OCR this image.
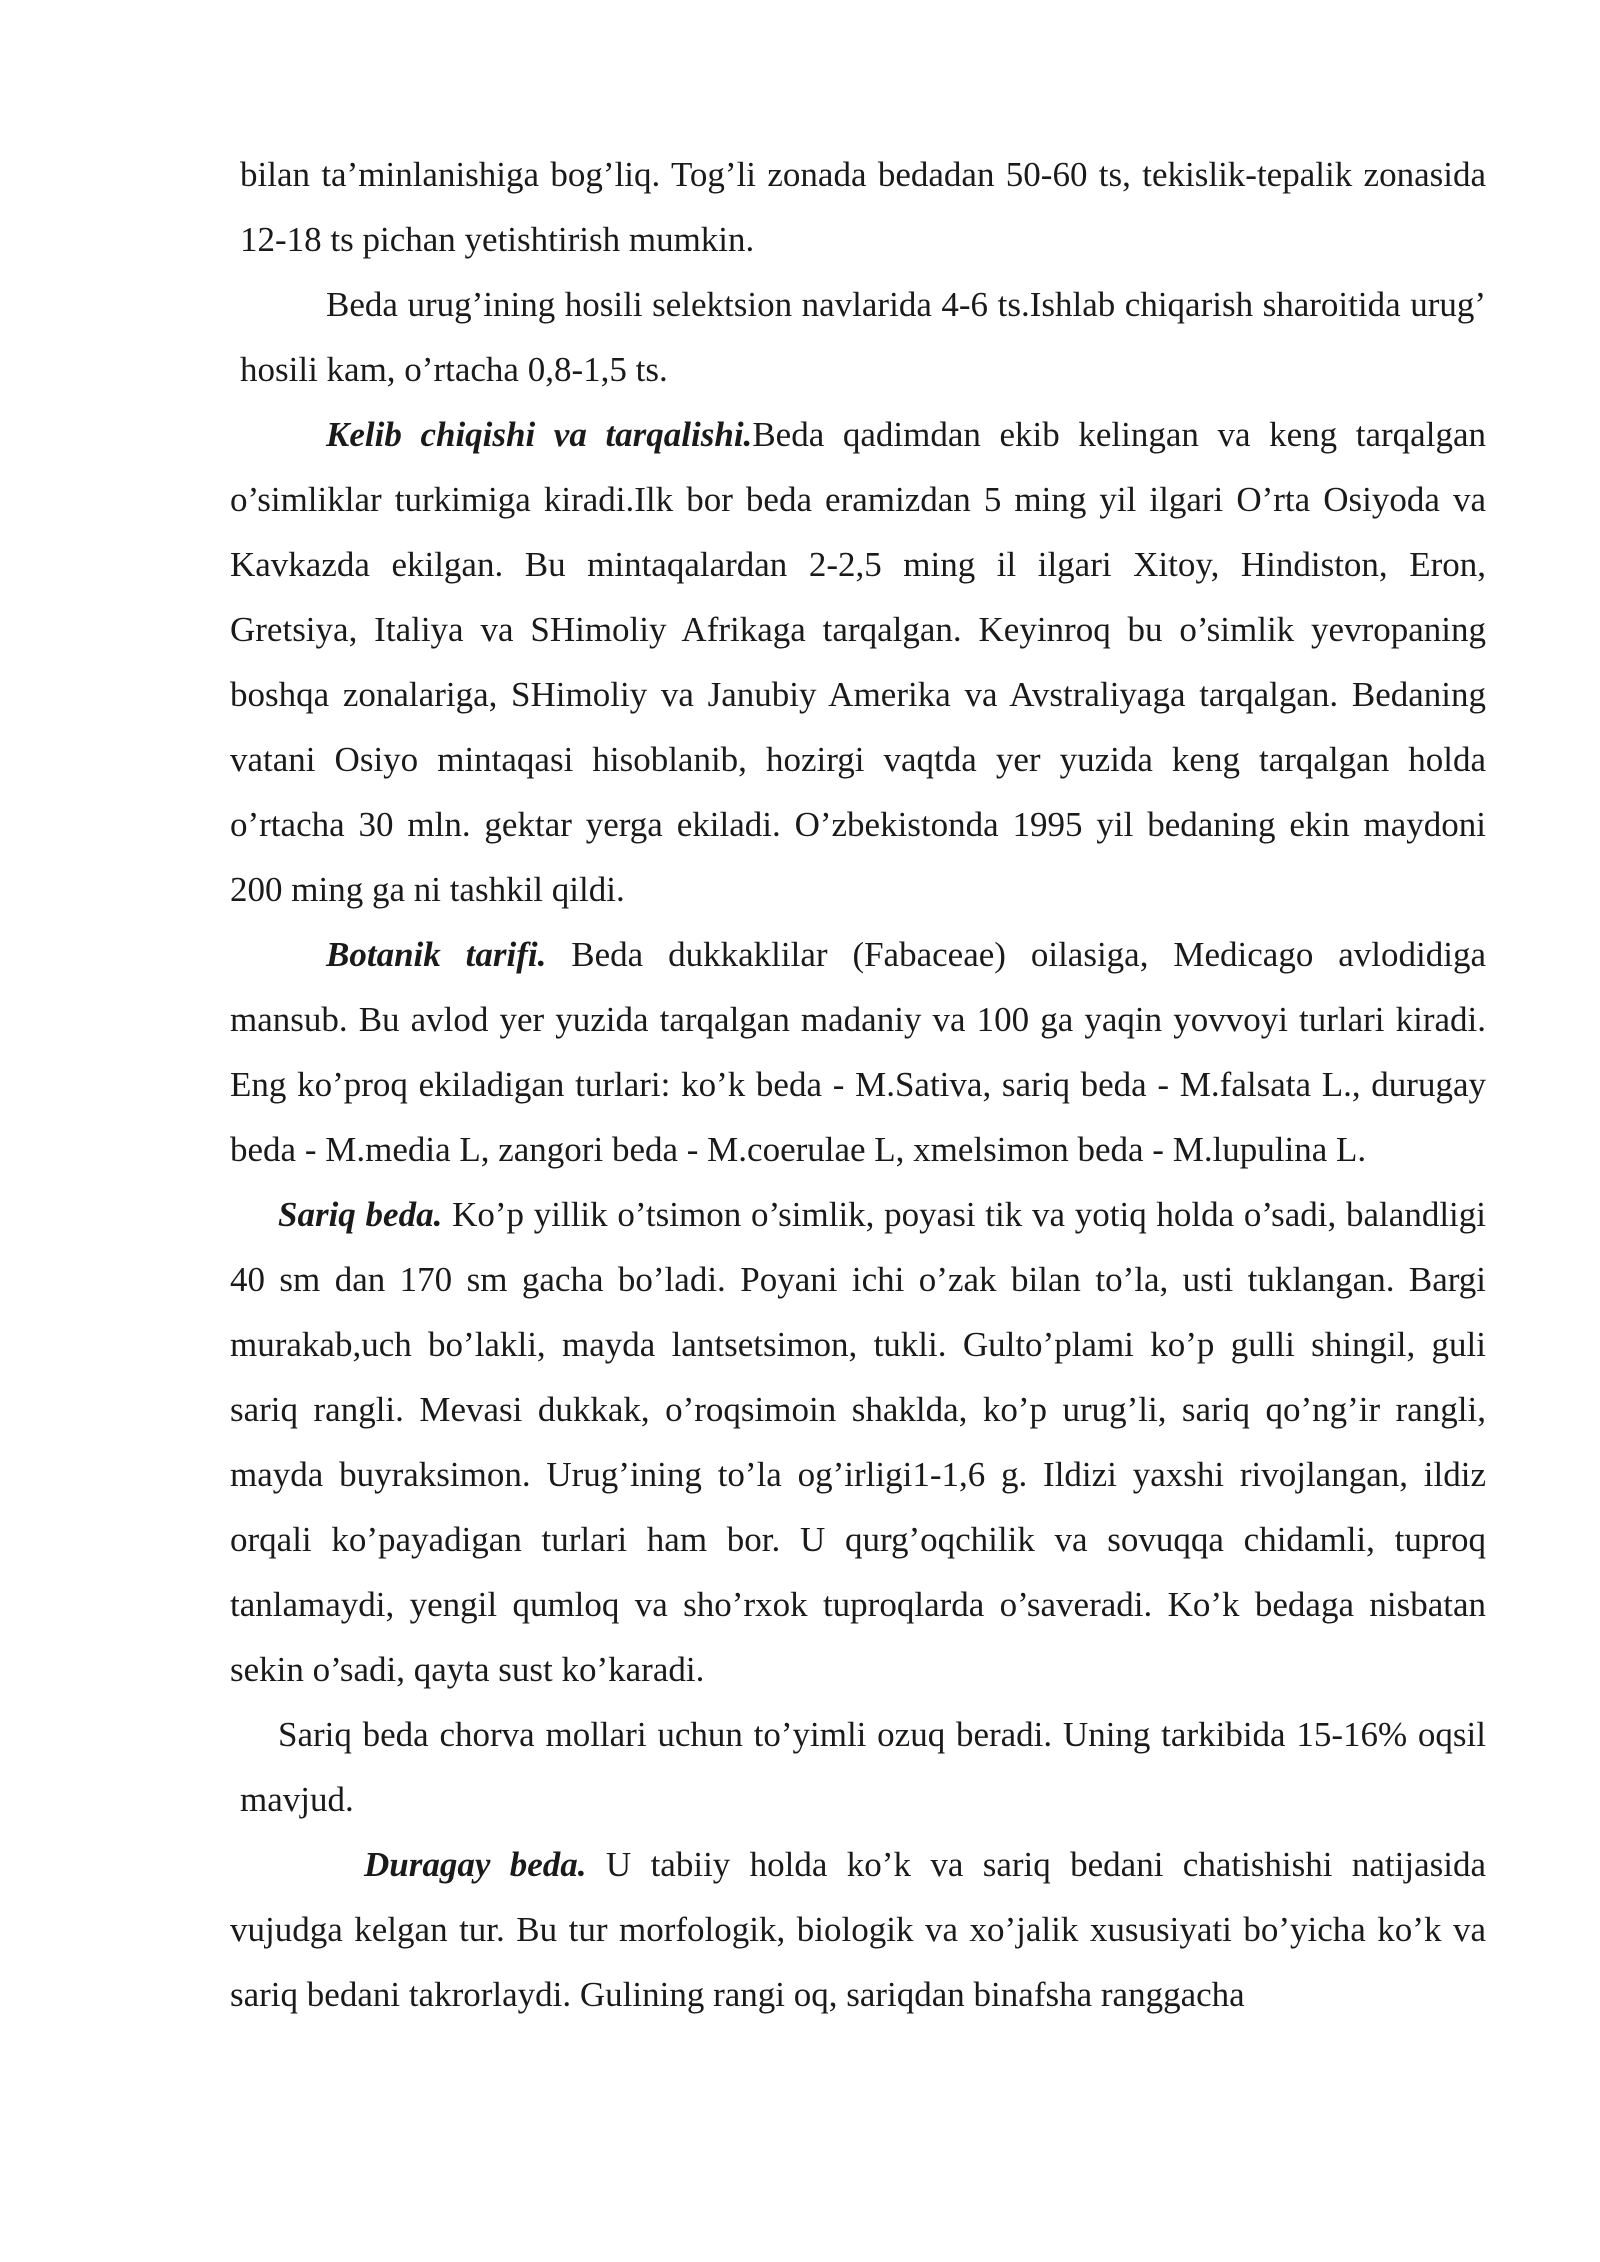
bilan ta’minlanishiga bog’liq. Tog’li zonada bedadan 50-60 ts, tekislik-tepalik zonasida 12-18 ts pichan yetishtirish mumkin.

Beda urug’ining hosili selektsion navlarida 4-6 ts.Ishlab chiqarish sharoitida urug’ hosili kam, o’rtacha 0,8-1,5 ts.

Kelib chiqishi va tarqalishi.Beda qadimdan ekib kelingan va keng tarqalgan o’simliklar turkimiga kiradi.Ilk bor beda eramizdan 5 ming yil ilgari O’rta Osiyoda va Kavkazda ekilgan. Bu mintaqalardan 2-2,5 ming il ilgari Xitoy, Hindiston, Eron, Gretsiya, Italiya va SHimoliy Afrikaga tarqalgan. Keyinroq bu o’simlik yevropaning boshqa zonalariga, SHimoliy va Janubiy Amerika va Avstraliyaga tarqalgan. Bedaning vatani Osiyo mintaqasi hisoblanib, hozirgi vaqtda yer yuzida keng tarqalgan holda o’rtacha 30 mln. gektar yerga ekiladi. O’zbekistonda 1995 yil bedaning ekin maydoni 200 ming ga ni tashkil qildi.

Botanik tarifi. Beda dukkaklilar (Fabaceae) oilasiga, Medicago avlodidiga mansub. Bu avlod yer yuzida tarqalgan madaniy va 100 ga yaqin yovvoyi turlari kiradi. Eng ko’proq ekiladigan turlari: ko’k beda - M.Sativa, sariq beda - M.falsata L., durugay beda - M.media L, zangori beda - M.coerulae L, xmelsimon beda - M.lupulina L.

Sariq beda. Ko’p yillik o’tsimon o’simlik, poyasi tik va yotiq holda o’sadi, balandligi 40 sm dan 170 sm gacha bo’ladi. Poyani ichi o’zak bilan to’la, usti tuklangan. Bargi murakab,uch bo’lakli, mayda lantsetsimon, tukli. Gulto’plami ko’p gulli shingil, guli sariq rangli. Mevasi dukkak, o’roqsimoin shaklda, ko’p urug’li, sariq qo’ng’ir rangli, mayda buyraksimon. Urug’ining to’la og’irligi1-1,6 g. Ildizi yaxshi rivojlangan, ildiz orqali ko’payadigan turlari ham bor. U qurg’oqchilik va sovuqqa chidamli, tuproq tanlamaydi, yengil qumloq va sho’rxok tuproqlarda o’saveradi. Ko’k bedaga nisbatan sekin o’sadi, qayta sust ko’karadi.

Sariq beda chorva mollari uchun to’yimli ozuq beradi. Uning tarkibida 15-16% oqsil mavjud.

Duragay beda. U tabiiy holda ko’k va sariq bedani chatishishi natijasida vujudga kelgan tur. Bu tur morfologik, biologik va xo’jalik xususiyati bo’yicha ko’k va sariq bedani takrorlaydi. Gulining rangi oq, sariqdan binafsha ranggacha
